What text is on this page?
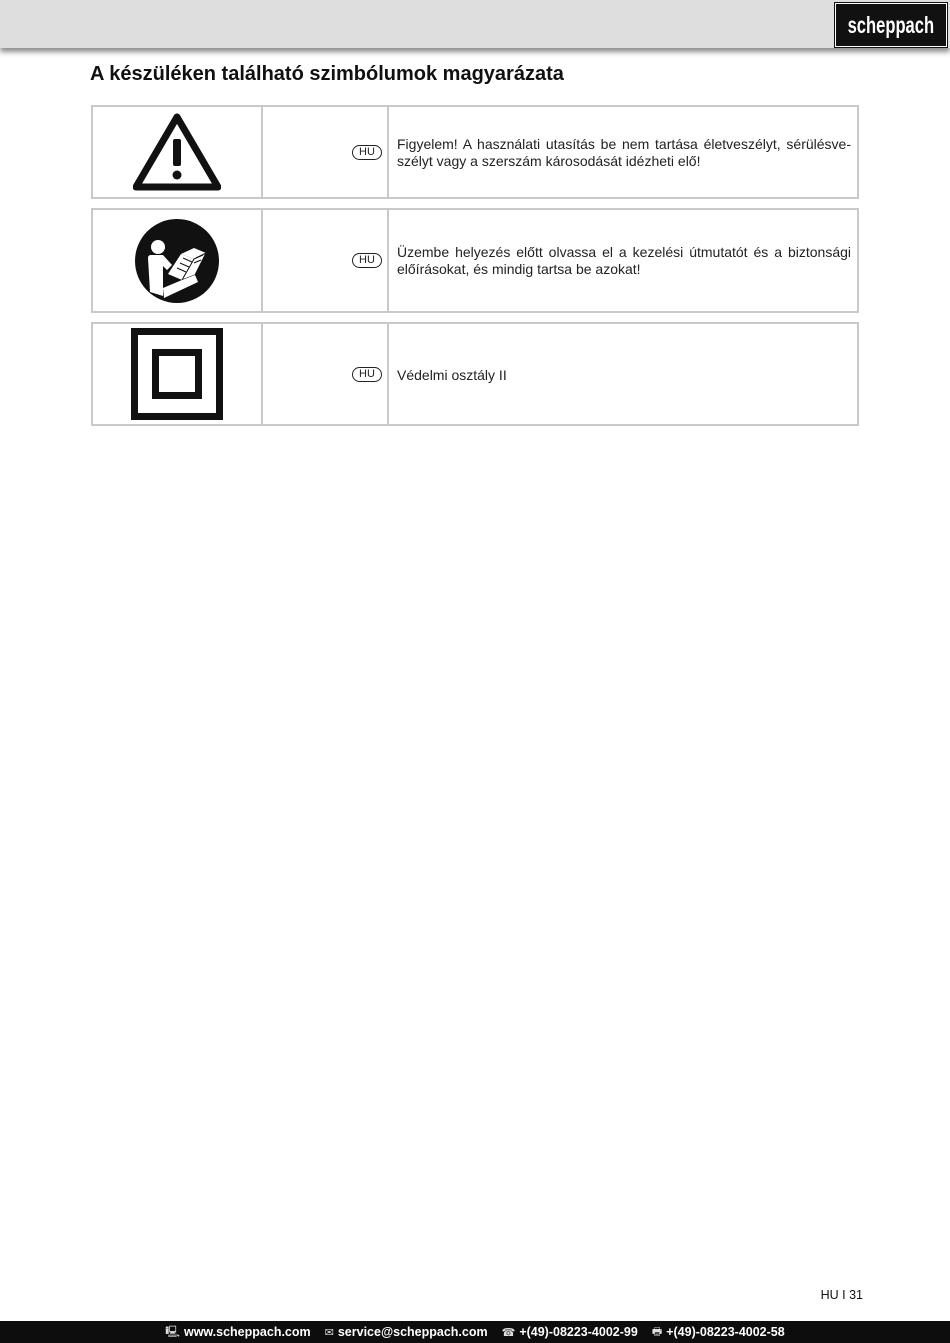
scheppach
A készüléken található szimbólumok magyarázata
HU	Figyelem! A használati utasítás be nem tartása életveszélyt, sérülésve-szélyt vagy a szerszám károsodását idézheti elő!
HU	Üzembe helyezés előtt olvassa el a kezelési útmutatót és a biztonsági előírásokat, és mindig tartsa be azokat!
HU	Védelmi osztály II
HU I 31
🖳︎ www.scheppach.com ✉︎ service@scheppach.com ☎︎ +(49)-08223-4002-99 🖶︎ +(49)-08223-4002-58
